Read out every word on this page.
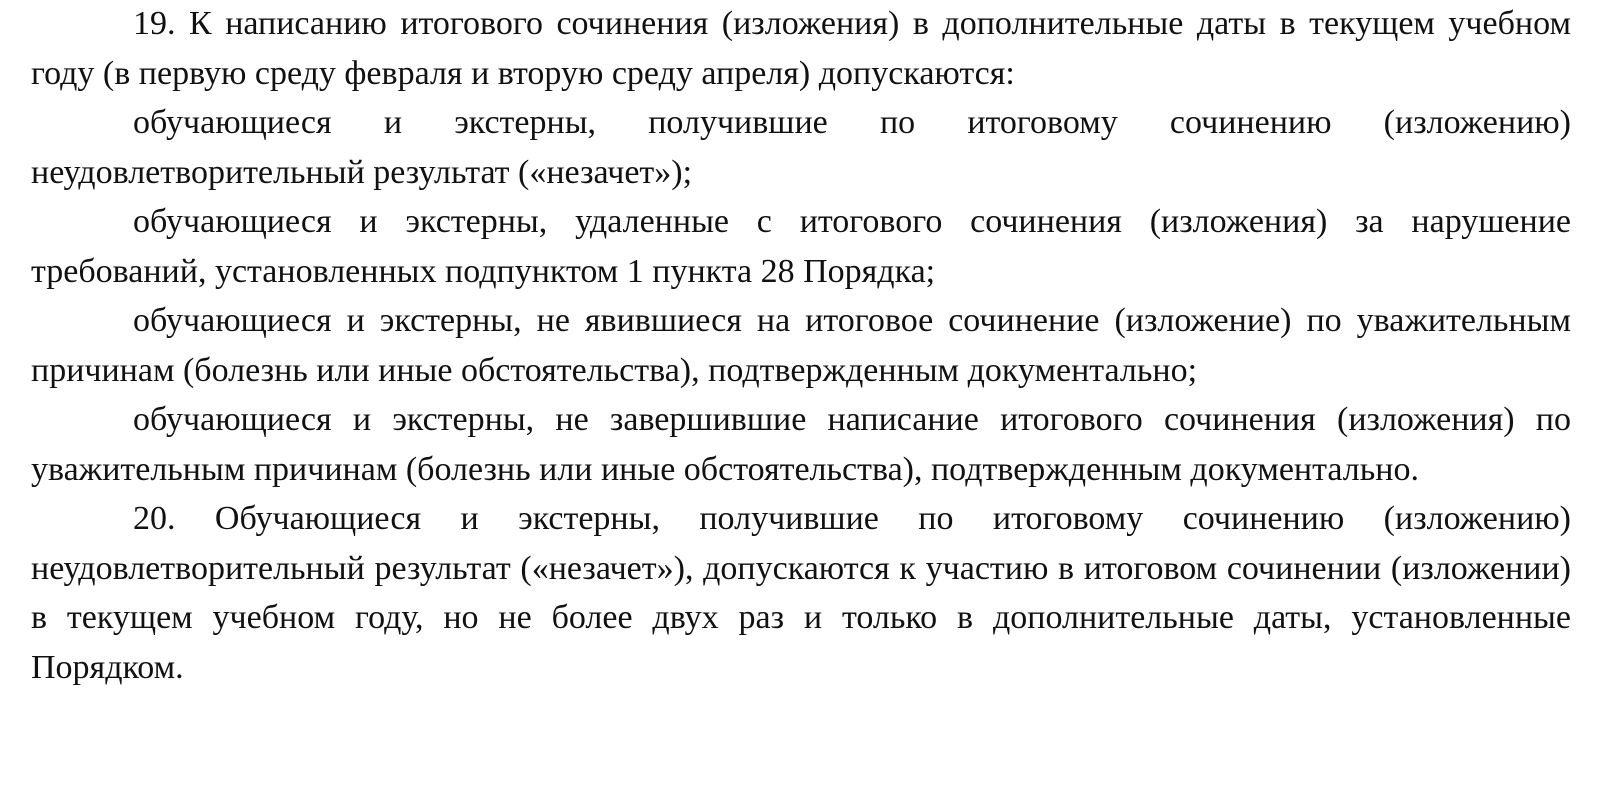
19. К написанию итогового сочинения (изложения) в дополнительные даты в текущем учебном году (в первую среду февраля и вторую среду апреля) допускаются:

обучающиеся и экстерны, получившие по итоговому сочинению (изложению) неудовлетворительный результат («незачет»);

обучающиеся и экстерны, удаленные с итогового сочинения (изложения) за нарушение требований, установленных подпунктом 1 пункта 28 Порядка;

обучающиеся и экстерны, не явившиеся на итоговое сочинение (изложение) по уважительным причинам (болезнь или иные обстоятельства), подтвержденным документально;

обучающиеся и экстерны, не завершившие написание итогового сочинения (изложения) по уважительным причинам (болезнь или иные обстоятельства), подтвержденным документально.

20. Обучающиеся и экстерны, получившие по итоговому сочинению (изложению) неудовлетворительный результат («незачет»), допускаются к участию в итоговом сочинении (изложении) в текущем учебном году, но не более двух раз и только в дополнительные даты, установленные Порядком.
